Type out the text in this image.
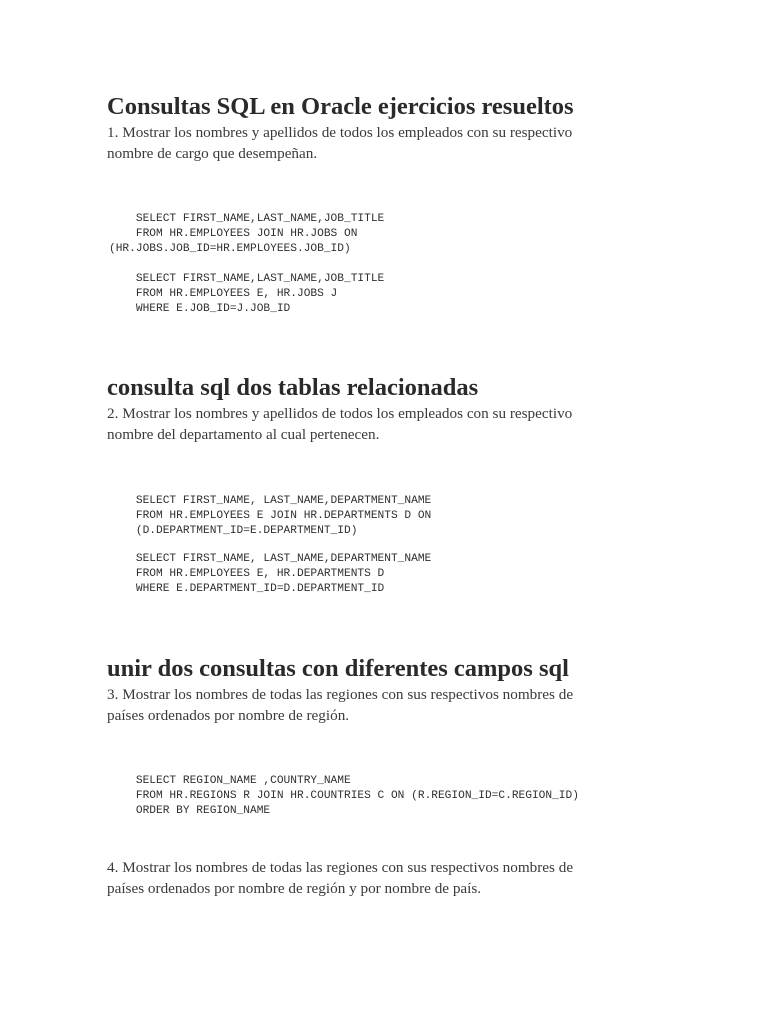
Consultas SQL en Oracle ejercicios resueltos

1. Mostrar los nombres y apellidos de todos los empleados con su respectivo
nombre de cargo que desempeñan.

SELECT FIRST_NAME,LAST_NAME,JOB_TITLE
FROM HR.EMPLOYEES JOIN HR.JOBS ON
(HR.JOBS.JOB_ID=HR.EMPLOYEES.JOB_ID)
SELECT FIRST_NAME,LAST_NAME,JOB_TITLE
FROM HR.EMPLOYEES E, HR.JOBS J
WHERE E.JOB_ID=J.JOB_ID
consulta sql dos tablas relacionadas

2. Mostrar los nombres y apellidos de todos los empleados con su respectivo
nombre del departamento al cual pertenecen.

SELECT FIRST_NAME, LAST_NAME,DEPARTMENT_NAME
FROM HR.EMPLOYEES E JOIN HR.DEPARTMENTS D ON
(D.DEPARTMENT_ID=E.DEPARTMENT_ID)
SELECT FIRST_NAME, LAST_NAME,DEPARTMENT_NAME
FROM HR.EMPLOYEES E, HR.DEPARTMENTS D
WHERE E.DEPARTMENT_ID=D.DEPARTMENT_ID
unir dos consultas con diferentes campos sql

3. Mostrar los nombres de todas las regiones con sus respectivos nombres de
países ordenados por nombre de región.

SELECT REGION_NAME ,COUNTRY_NAME
FROM HR.REGIONS R JOIN HR.COUNTRIES C ON (R.REGION_ID=C.REGION_ID)
ORDER BY REGION_NAME

4. Mostrar los nombres de todas las regiones con sus respectivos nombres de
países ordenados por nombre de región y por nombre de país.
